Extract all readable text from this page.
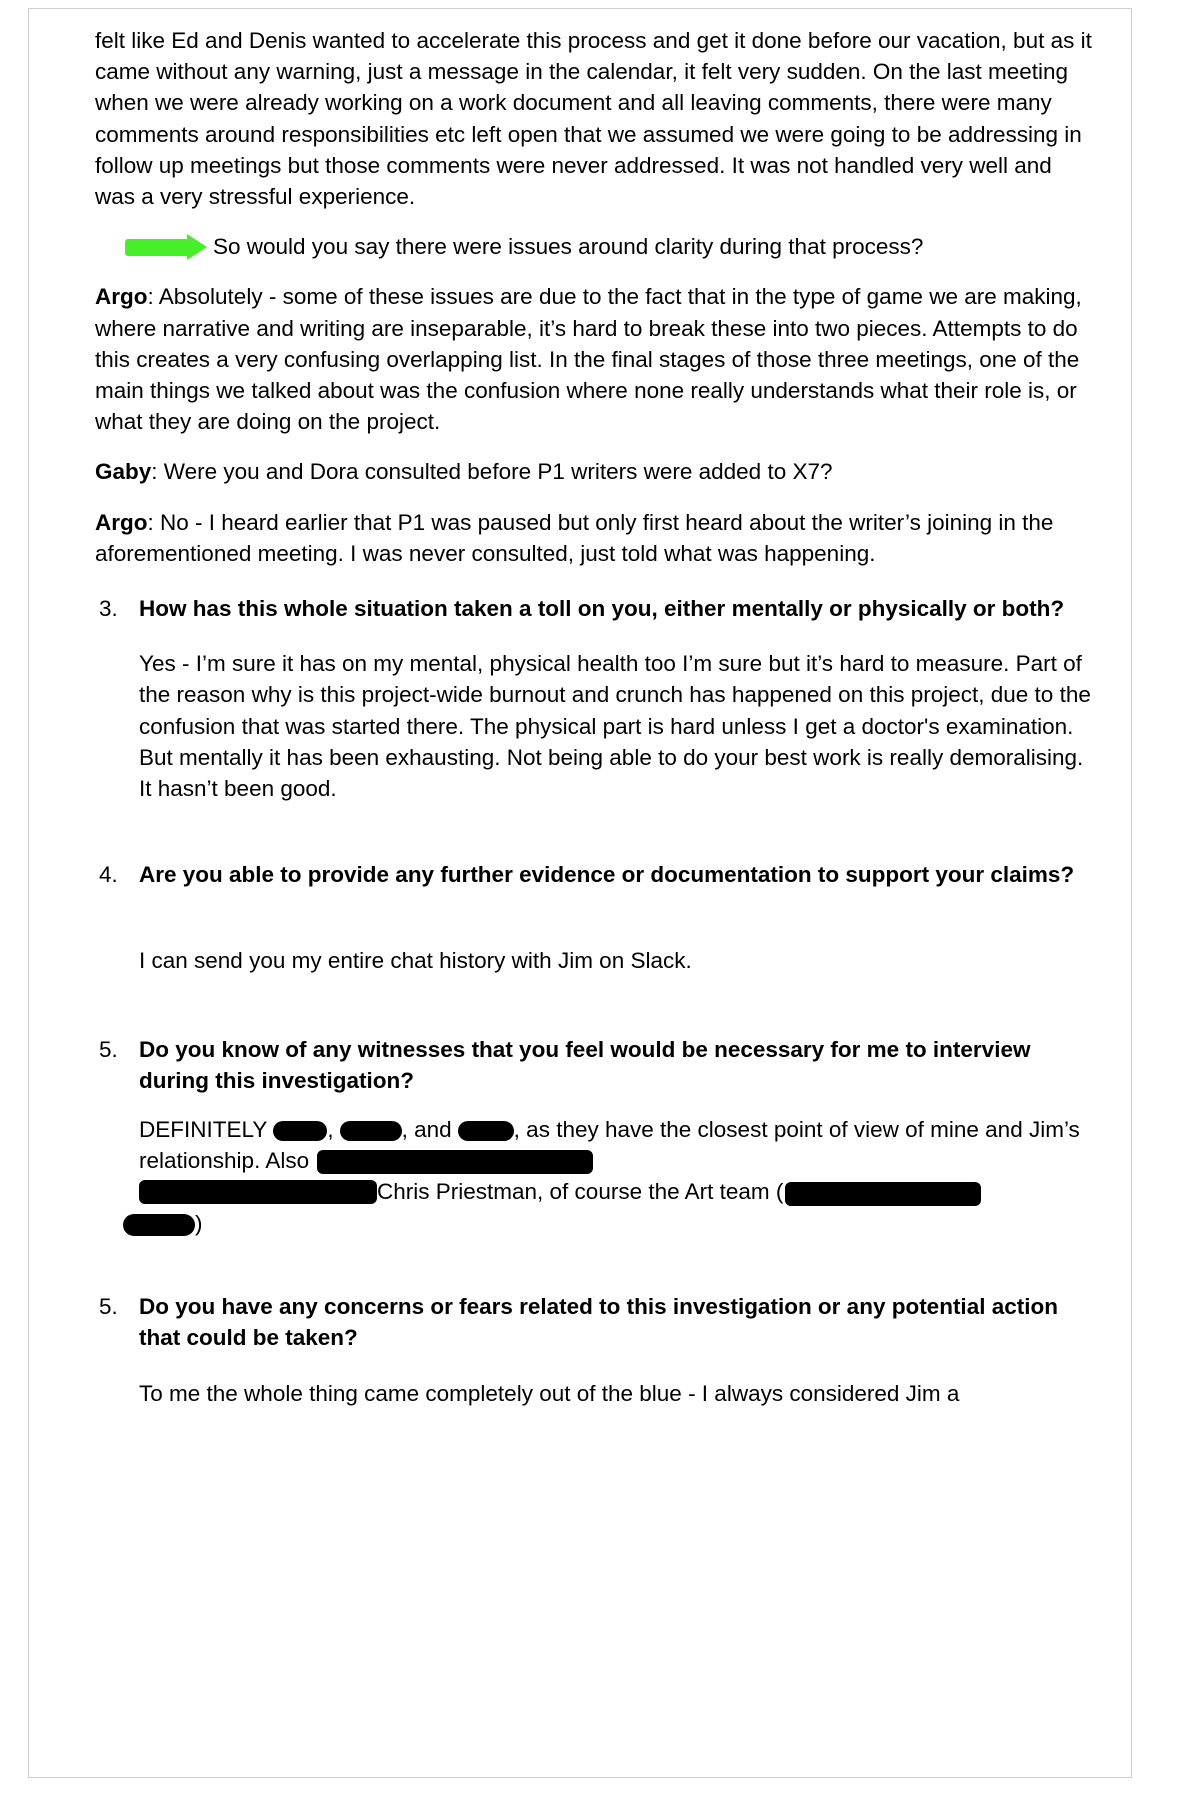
felt like Ed and Denis wanted to accelerate this process and get it done before our vacation, but as it came without any warning, just a message in the calendar, it felt very sudden. On the last meeting when we were already working on a work document and all leaving comments, there were many comments around responsibilities etc left open that we assumed we were going to be addressing in follow up meetings but those comments were never addressed. It was not handled very well and was a very stressful experience.

So would you say there were issues around clarity during that process?

Argo: Absolutely - some of these issues are due to the fact that in the type of game we are making, where narrative and writing are inseparable, it’s hard to break these into two pieces. Attempts to do this creates a very confusing overlapping list. In the final stages of those three meetings, one of the main things we talked about was the confusion where none really understands what their role is, or what they are doing on the project.

Gaby: Were you and Dora consulted before P1 writers were added to X7?

Argo: No - I heard earlier that P1 was paused but only first heard about the writer’s joining in the aforementioned meeting. I was never consulted, just told what was happening.

3. How has this whole situation taken a toll on you, either mentally or physically or both?

Yes - I’m sure it has on my mental, physical health too I’m sure but it’s hard to measure. Part of the reason why is this project-wide burnout and crunch has happened on this project, due to the confusion that was started there. The physical part is hard unless I get a doctor's examination. But mentally it has been exhausting. Not being able to do your best work is really demoralising. It hasn’t been good.

4. Are you able to provide any further evidence or documentation to support your claims?

I can send you my entire chat history with Jim on Slack.

5. Do you know of any witnesses that you feel would be necessary for me to interview during this investigation?

DEFINITELY	,	, and	, as they have the closest point of view of mine and Jim’s relationship. Also

Chris Priestman, of course the Art team (

)

5. Do you have any concerns or fears related to this investigation or any potential action that could be taken?

To me the whole thing came completely out of the blue - I always considered Jim a
